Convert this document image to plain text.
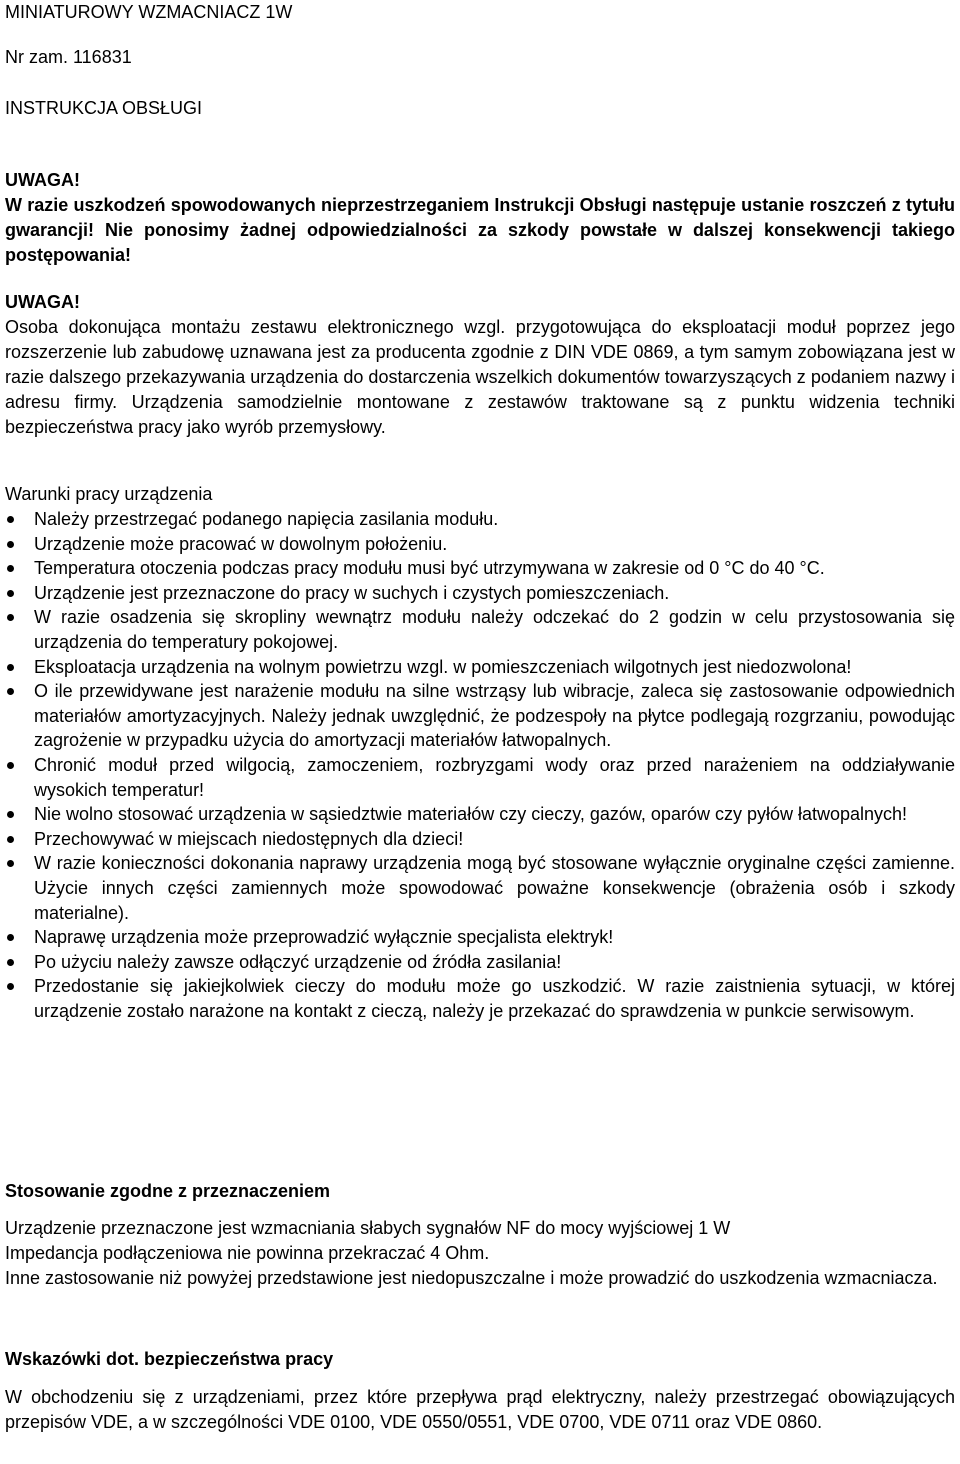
MINIATUROWY WZMACNIACZ 1W
Nr zam. 116831
INSTRUKCJA OBSŁUGI
UWAGA!

W razie uszkodzeń spowodowanych nieprzestrzeganiem Instrukcji Obsługi następuje ustanie roszczeń z tytułu gwarancji! Nie ponosimy żadnej odpowiedzialności za szkody powstałe w dalszej konsekwencji takiego postępowania!

UWAGA!

Osoba dokonująca montażu zestawu elektronicznego wzgl. przygotowująca do eksploatacji moduł poprzez jego rozszerzenie lub zabudowę uznawana jest za producenta zgodnie z DIN VDE 0869, a tym samym zobowiązana jest w razie dalszego przekazywania urządzenia do dostarczenia wszelkich dokumentów towarzyszących z podaniem nazwy i adresu firmy. Urządzenia samodzielnie montowane z zestawów traktowane są z punktu widzenia techniki bezpieczeństwa pracy jako wyrób przemysłowy.

Warunki pracy urządzenia
Należy przestrzegać podanego napięcia zasilania modułu.
Urządzenie może pracować w dowolnym położeniu.
Temperatura otoczenia podczas pracy modułu musi być utrzymywana w zakresie od 0 °C do 40 °C.
Urządzenie jest przeznaczone do pracy w suchych i czystych pomieszczeniach.
W razie osadzenia się skropliny wewnątrz modułu należy odczekać do 2 godzin w celu przystosowania się urządzenia do temperatury pokojowej.
Eksploatacja urządzenia na wolnym powietrzu wzgl. w pomieszczeniach wilgotnych jest niedozwolona!
O ile przewidywane jest narażenie modułu na silne wstrząsy lub wibracje, zaleca się zastosowanie odpowiednich materiałów amortyzacyjnych. Należy jednak uwzględnić, że podzespoły na płytce podlegają rozgrzaniu, powodując zagrożenie w przypadku użycia do amortyzacji materiałów łatwopalnych.
Chronić moduł przed wilgocią, zamoczeniem, rozbryzgami wody oraz przed narażeniem na oddziaływanie wysokich temperatur!
Nie wolno stosować urządzenia w sąsiedztwie materiałów czy cieczy, gazów, oparów czy pyłów łatwopalnych!
Przechowywać w miejscach niedostępnych dla dzieci!
W razie konieczności dokonania naprawy urządzenia mogą być stosowane wyłącznie oryginalne części zamienne. Użycie innych części zamiennych może spowodować poważne konsekwencje (obrażenia osób i szkody materialne).
Naprawę urządzenia może przeprowadzić wyłącznie specjalista elektryk!
Po użyciu należy zawsze odłączyć urządzenie od źródła zasilania!
Przedostanie się jakiejkolwiek cieczy do modułu może go uszkodzić. W razie zaistnienia sytuacji, w której urządzenie zostało narażone na kontakt z cieczą, należy je przekazać do sprawdzenia w punkcie serwisowym.
Stosowanie zgodne z przeznaczeniem
Urządzenie przeznaczone jest wzmacniania słabych sygnałów NF do mocy wyjściowej 1 W
Impedancja podłączeniowa nie powinna przekraczać 4 Ohm.
Inne zastosowanie niż powyżej przedstawione jest niedopuszczalne i może prowadzić do uszkodzenia wzmacniacza.
Wskazówki dot. bezpieczeństwa pracy

W obchodzeniu się z urządzeniami, przez które przepływa prąd elektryczny, należy przestrzegać obowiązujących przepisów VDE, a w szczególności VDE 0100, VDE 0550/0551, VDE 0700, VDE 0711 oraz VDE 0860.
